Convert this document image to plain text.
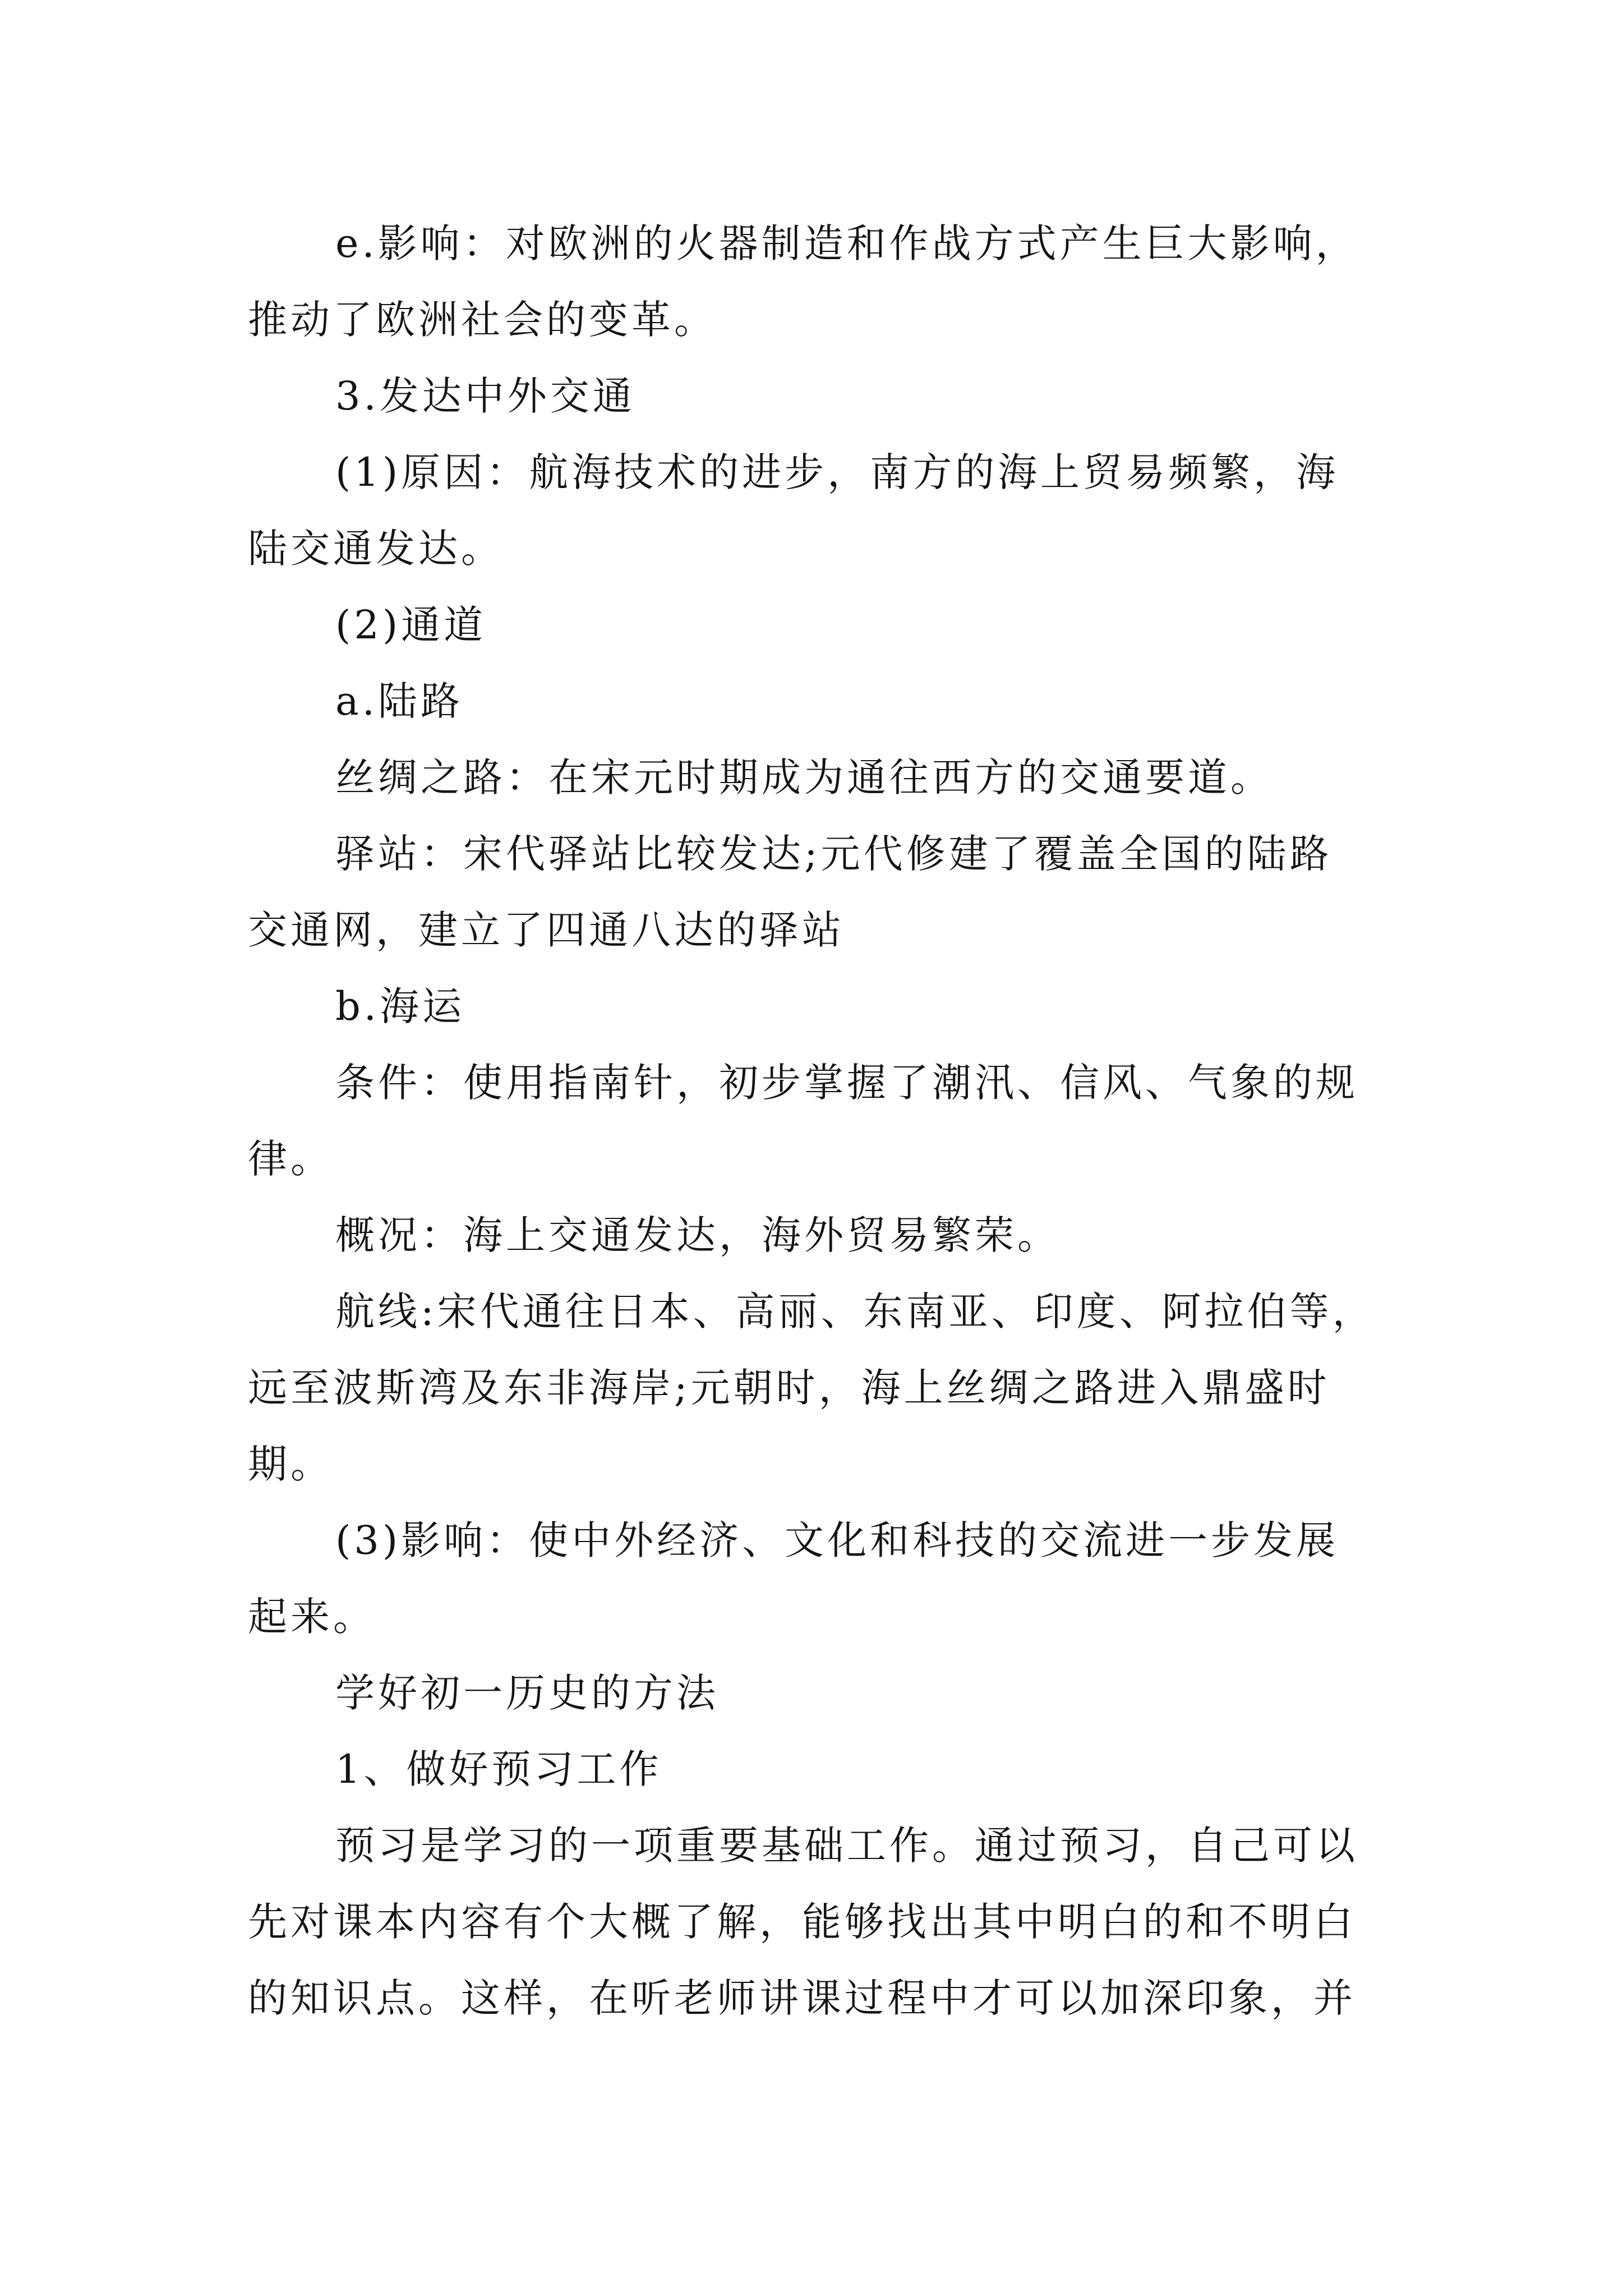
e.影响：对欧洲的火器制造和作战方式产生巨大影响，
推动了欧洲社会的变革。
3.发达中外交通
(1)原因：航海技术的进步，南方的海上贸易频繁，海
陆交通发达。
(2)通道
a.陆路
丝绸之路：在宋元时期成为通往西方的交通要道。
驿站：宋代驿站比较发达;元代修建了覆盖全国的陆路
交通网，建立了四通八达的驿站
b.海运
条件：使用指南针，初步掌握了潮汛、信风、气象的规
律。
概况：海上交通发达，海外贸易繁荣。
航线:宋代通往日本、高丽、东南亚、印度、阿拉伯等，
远至波斯湾及东非海岸;元朝时，海上丝绸之路进入鼎盛时
期。
(3)影响：使中外经济、文化和科技的交流进一步发展
起来。
学好初一历史的方法
1、做好预习工作
预习是学习的一项重要基础工作。通过预习，自己可以
先对课本内容有个大概了解，能够找出其中明白的和不明白
的知识点。这样，在听老师讲课过程中才可以加深印象，并
